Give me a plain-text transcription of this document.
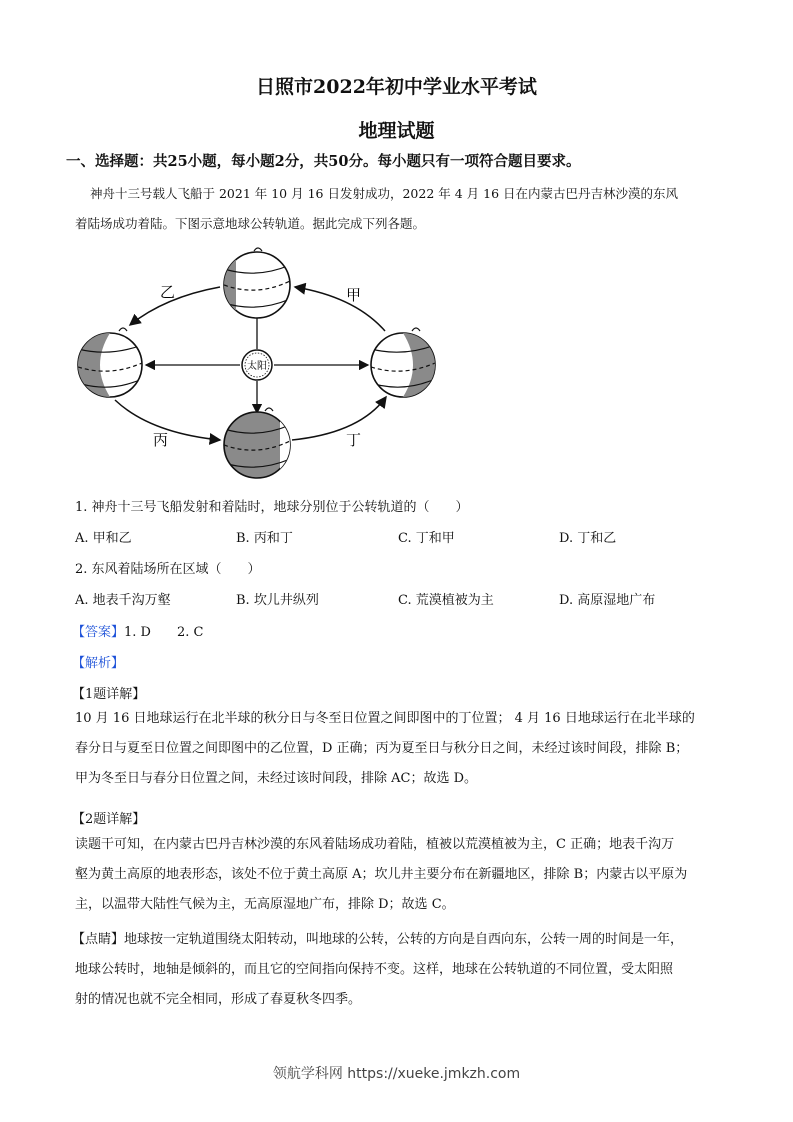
日照市2022年初中学业水平考试
地理试题
一、选择题：共25小题，每小题2分，共50分。每小题只有一项符合题目要求。
神舟十三号载人飞船于 2021 年 10 月 16 日发射成功，2022 年 4 月 16 日在内蒙古巴丹吉林沙漠的东风
着陆场成功着陆。下图示意地球公转轨道。据此完成下列各题。
太阳
乙	甲
丙	丁
1. 神舟十三号飞船发射和着陆时，地球分别位于公转轨道的（　　）
A. 甲和乙	B. 丙和丁	C. 丁和甲	D. 丁和乙
2. 东风着陆场所在区域（　　）
A. 地表千沟万壑	B. 坎儿井纵列	C. 荒漠植被为主	D. 高原湿地广布
【答案】1. D　　2. C
【解析】
【1题详解】
10 月 16 日地球运行在北半球的秋分日与冬至日位置之间即图中的丁位置； 4 月 16 日地球运行在北半球的
春分日与夏至日位置之间即图中的乙位置，D 正确；丙为夏至日与秋分日之间，未经过该时间段，排除 B；
甲为冬至日与春分日位置之间，未经过该时间段，排除 AC；故选 D。
【2题详解】
读题干可知，在内蒙古巴丹吉林沙漠的东风着陆场成功着陆，植被以荒漠植被为主，C 正确；地表千沟万
壑为黄土高原的地表形态，该处不位于黄土高原 A；坎儿井主要分布在新疆地区，排除 B；内蒙古以平原为
主，以温带大陆性气候为主，无高原湿地广布，排除 D；故选 C。
【点睛】地球按一定轨道围绕太阳转动，叫地球的公转，公转的方向是自西向东，公转一周的时间是一年，
地球公转时，地轴是倾斜的，而且它的空间指向保持不变。这样，地球在公转轨道的不同位置，受太阳照
射的情况也就不完全相同，形成了春夏秋冬四季。
领航学科网 https://xueke.jmkzh.com
